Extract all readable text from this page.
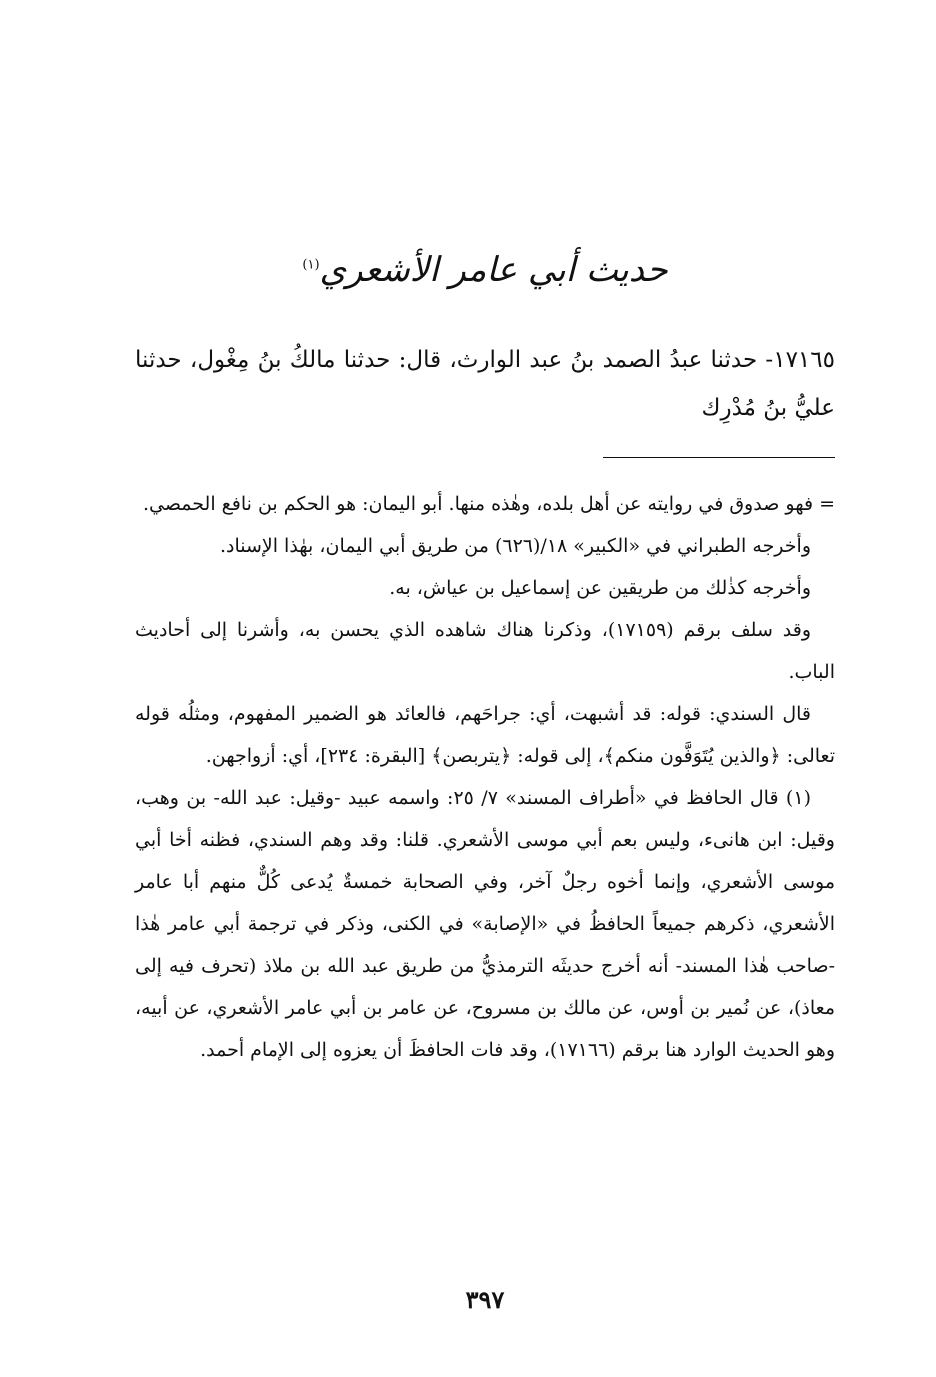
حديث أبي عامر الأشعري$^{(١)}$
١٧١٦٥- حدثنا عبدُ الصمد بنُ عبد الوارث، قال: حدثنا مالكُ بنُ مِغْول، حدثنا عليُّ بنُ مُدْرِك

= فهو صدوق في روايته عن أهل بلده، وهٰذه منها. أبو اليمان: هو الحكم بن نافع الحمصي.

وأخرجه الطبراني في «الكبير» ١٨/(٦٢٦) من طريق أبي اليمان، بهٰذا الإسناد.

وأخرجه كذٰلك من طريقين عن إسماعيل بن عياش، به.

وقد سلف برقم (١٧١٥٩)، وذكرنا هناك شاهده الذي يحسن به، وأشرنا إلى أحاديث الباب.

قال السندي: قوله: قد أشبهت، أي: جراحَهم، فالعائد هو الضمير المفهوم، ومثلُه قوله تعالى: ﴿والذين يُتَوَفَّون منكم﴾، إلى قوله: ﴿يتربصن﴾ [البقرة: ٢٣٤]، أي: أزواجهن.

(١) قال الحافظ في «أطراف المسند» ٧/ ٢٥: واسمه عبيد -وقيل: عبد الله- بن وهب، وقيل: ابن هانىء، وليس بعم أبي موسى الأشعري. قلنا: وقد وهم السندي، فظنه أخا أبي موسى الأشعري، وإنما أخوه رجلٌ آخر، وفي الصحابة خمسةٌ يُدعى كُلٌّ منهم أبا عامر الأشعري، ذكرهم جميعاً الحافظُ في «الإصابة» في الكنى، وذكر في ترجمة أبي عامر هٰذا -صاحب هٰذا المسند- أنه أخرج حديثَه الترمذيُّ من طريق عبد الله بن ملاذ (تحرف فيه إلى معاذ)، عن نُمير بن أوس، عن مالك بن مسروح، عن عامر بن أبي عامر الأشعري، عن أبيه، وهو الحديث الوارد هنا برقم (١٧١٦٦)، وقد فات الحافظَ أن يعزوه إلى الإمام أحمد.

٣٩٧
